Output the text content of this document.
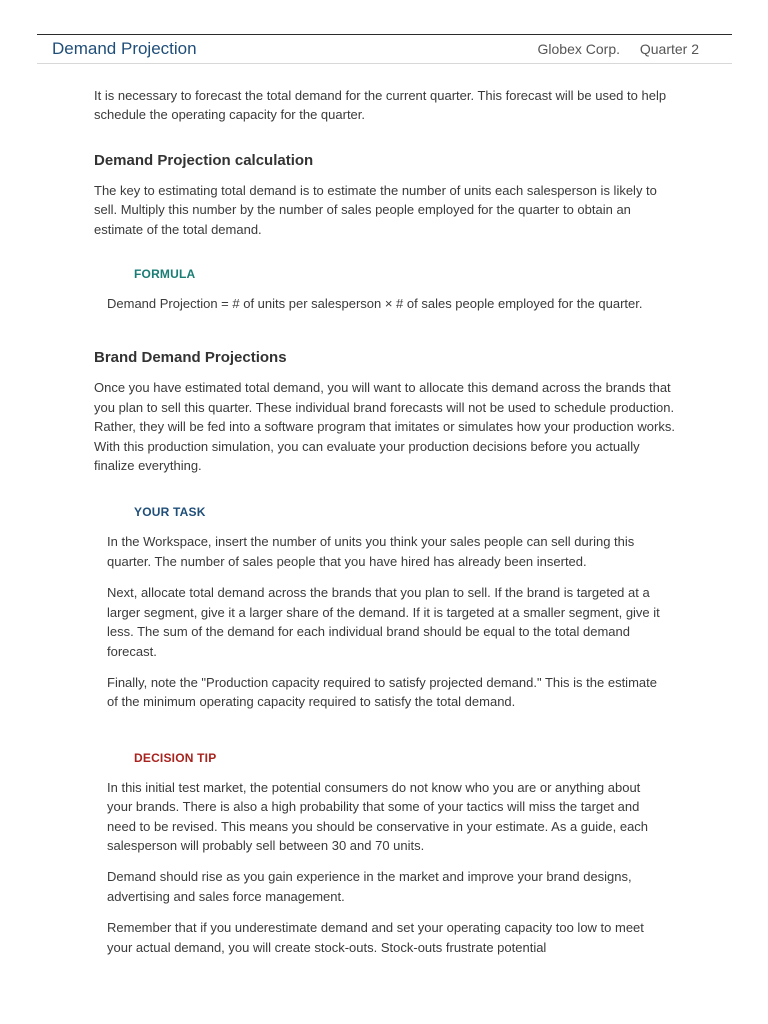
Demand Projection	Globex Corp. Quarter 2

It is necessary to forecast the total demand for the current quarter. This forecast will be used to help schedule the operating capacity for the quarter.

Demand Projection calculation

The key to estimating total demand is to estimate the number of units each salesperson is likely to sell. Multiply this number by the number of sales people employed for the quarter to obtain an estimate of the total demand.

FORMULA

Demand Projection = # of units per salesperson × # of sales people employed for the quarter.

Brand Demand Projections

Once you have estimated total demand, you will want to allocate this demand across the brands that you plan to sell this quarter. These individual brand forecasts will not be used to schedule production. Rather, they will be fed into a software program that imitates or simulates how your production works. With this production simulation, you can evaluate your production decisions before you actually finalize everything.

YOUR TASK

In the Workspace, insert the number of units you think your sales people can sell during this quarter. The number of sales people that you have hired has already been inserted.

Next, allocate total demand across the brands that you plan to sell. If the brand is targeted at a larger segment, give it a larger share of the demand. If it is targeted at a smaller segment, give it less. The sum of the demand for each individual brand should be equal to the total demand forecast.

Finally, note the "Production capacity required to satisfy projected demand." This is the estimate of the minimum operating capacity required to satisfy the total demand.

DECISION TIP

In this initial test market, the potential consumers do not know who you are or anything about your brands. There is also a high probability that some of your tactics will miss the target and need to be revised. This means you should be conservative in your estimate. As a guide, each salesperson will probably sell between 30 and 70 units.

Demand should rise as you gain experience in the market and improve your brand designs, advertising and sales force management.

Remember that if you underestimate demand and set your operating capacity too low to meet your actual demand, you will create stock-outs. Stock-outs frustrate potential
